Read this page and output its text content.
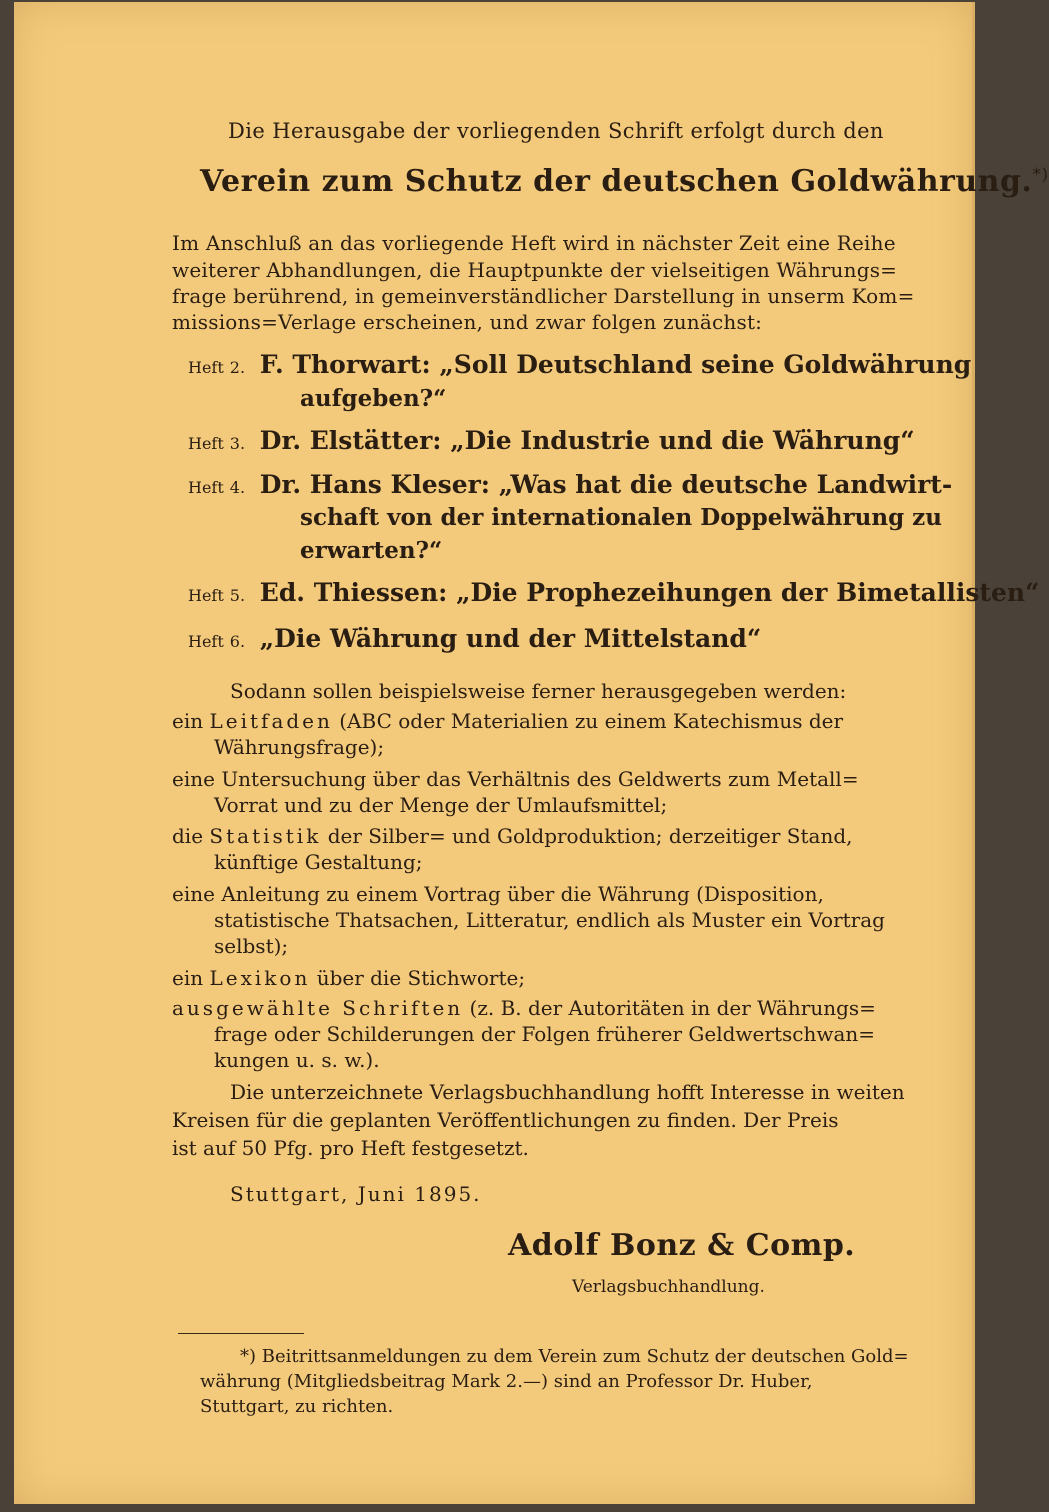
Die Herausgabe der vorliegenden Schrift erfolgt durch den
Verein zum Schutz der deutschen Goldwährung.*)
Im Anschluß an das vorliegende Heft wird in nächster Zeit eine Reihe
weiterer Abhandlungen, die Hauptpunkte der vielseitigen Währungs=
frage berührend, in gemeinverständlicher Darstellung in unserm Kom=
missions=Verlage erscheinen, und zwar folgen zunächst:
Heft 2. F. Thorwart: „Soll Deutschland seine Goldwährung
aufgeben?“
Heft 3. Dr. Elstätter: „Die Industrie und die Währung“
Heft 4. Dr. Hans Kleser: „Was hat die deutsche Landwirt-
schaft von der internationalen Doppelwährung zu
erwarten?“
Heft 5. Ed. Thiessen: „Die Prophezeihungen der Bimetallisten“
Heft 6. „Die Währung und der Mittelstand“
Sodann sollen beispielsweise ferner herausgegeben werden:
ein Leitfaden (ABC oder Materialien zu einem Katechismus der
Währungsfrage);
eine Untersuchung über das Verhältnis des Geldwerts zum Metall=
Vorrat und zu der Menge der Umlaufsmittel;
die Statistik der Silber= und Goldproduktion; derzeitiger Stand,
künftige Gestaltung;
eine Anleitung zu einem Vortrag über die Währung (Disposition,
statistische Thatsachen, Litteratur, endlich als Muster ein Vortrag
selbst);
ein Lexikon über die Stichworte;
ausgewählte Schriften (z. B. der Autoritäten in der Währungs=
frage oder Schilderungen der Folgen früherer Geldwertschwan=
kungen u. s. w.).
Die unterzeichnete Verlagsbuchhandlung hofft Interesse in weiten
Kreisen für die geplanten Veröffentlichungen zu finden. Der Preis
ist auf 50 Pfg. pro Heft festgesetzt.
Stuttgart, Juni 1895.
Adolf Bonz & Comp.
Verlagsbuchhandlung.
*) Beitrittsanmeldungen zu dem Verein zum Schutz der deutschen Gold=
währung (Mitgliedsbeitrag Mark 2.—) sind an Professor Dr. Huber,
Stuttgart, zu richten.
